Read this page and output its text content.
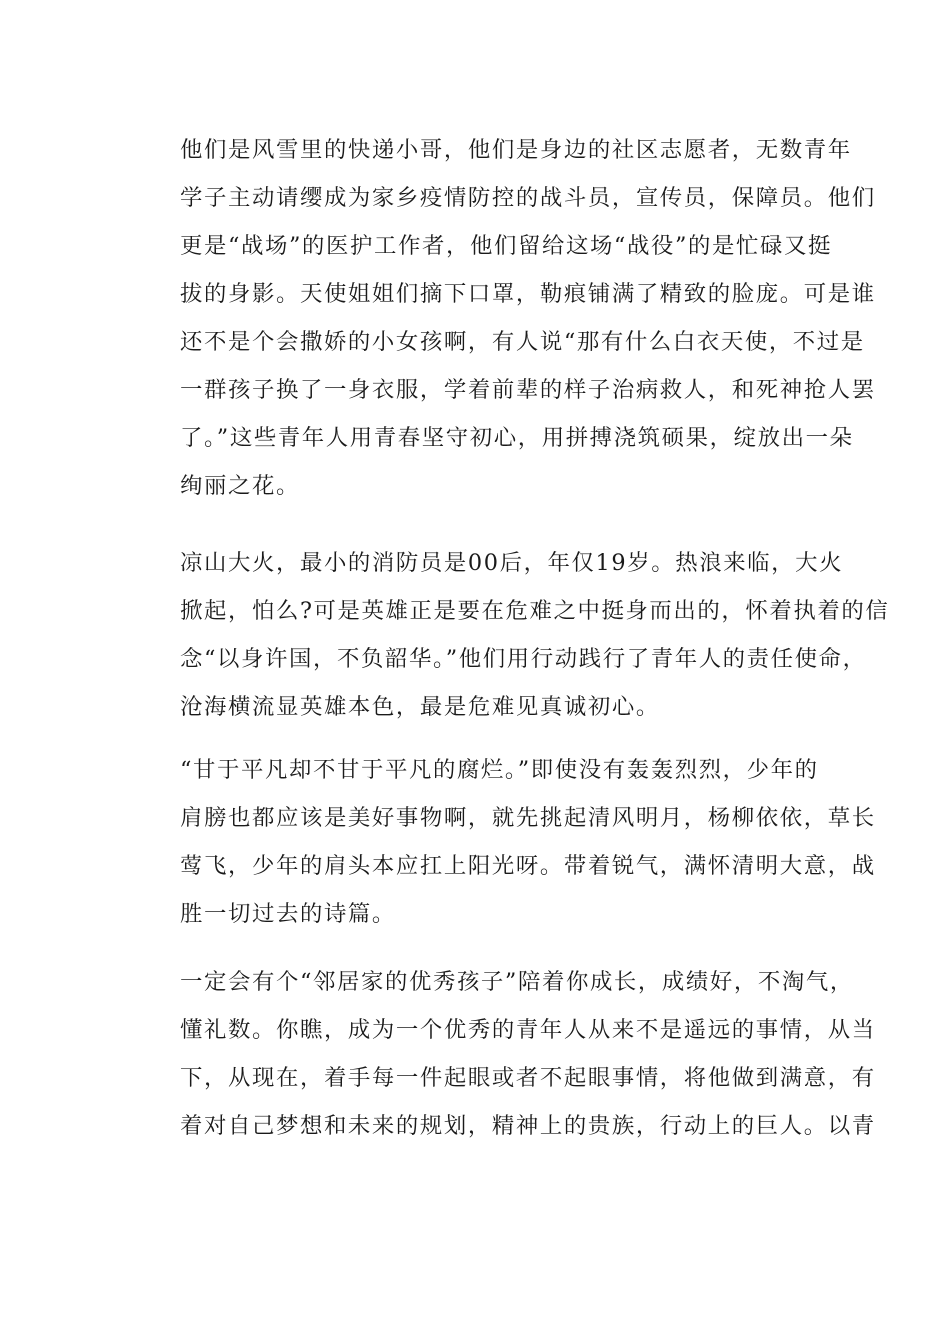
他们是风雪里的快递小哥，他们是身边的社区志愿者，无数青年
学子主动请缨成为家乡疫情防控的战斗员，宣传员，保障员。他们
更是“战场”的医护工作者，他们留给这场“战役”的是忙碌又挺
拔的身影。天使姐姐们摘下口罩，勒痕铺满了精致的脸庞。可是谁
还不是个会撒娇的小女孩啊，有人说“那有什么白衣天使，不过是
一群孩子换了一身衣服，学着前辈的样子治病救人，和死神抢人罢
了。”这些青年人用青春坚守初心，用拼搏浇筑硕果，绽放出一朵
绚丽之花。

凉山大火，最小的消防员是00后，年仅19岁。热浪来临，大火
掀起，怕么?可是英雄正是要在危难之中挺身而出的，怀着执着的信
念“以身许国，不负韶华。”他们用行动践行了青年人的责任使命，
沧海横流显英雄本色，最是危难见真诚初心。

“甘于平凡却不甘于平凡的腐烂。”即使没有轰轰烈烈，少年的
肩膀也都应该是美好事物啊，就先挑起清风明月，杨柳依依，草长
莺飞，少年的肩头本应扛上阳光呀。带着锐气，满怀清明大意，战
胜一切过去的诗篇。

一定会有个“邻居家的优秀孩子”陪着你成长，成绩好，不淘气，
懂礼数。你瞧，成为一个优秀的青年人从来不是遥远的事情，从当
下，从现在，着手每一件起眼或者不起眼事情，将他做到满意，有
着对自己梦想和未来的规划，精神上的贵族，行动上的巨人。以青
